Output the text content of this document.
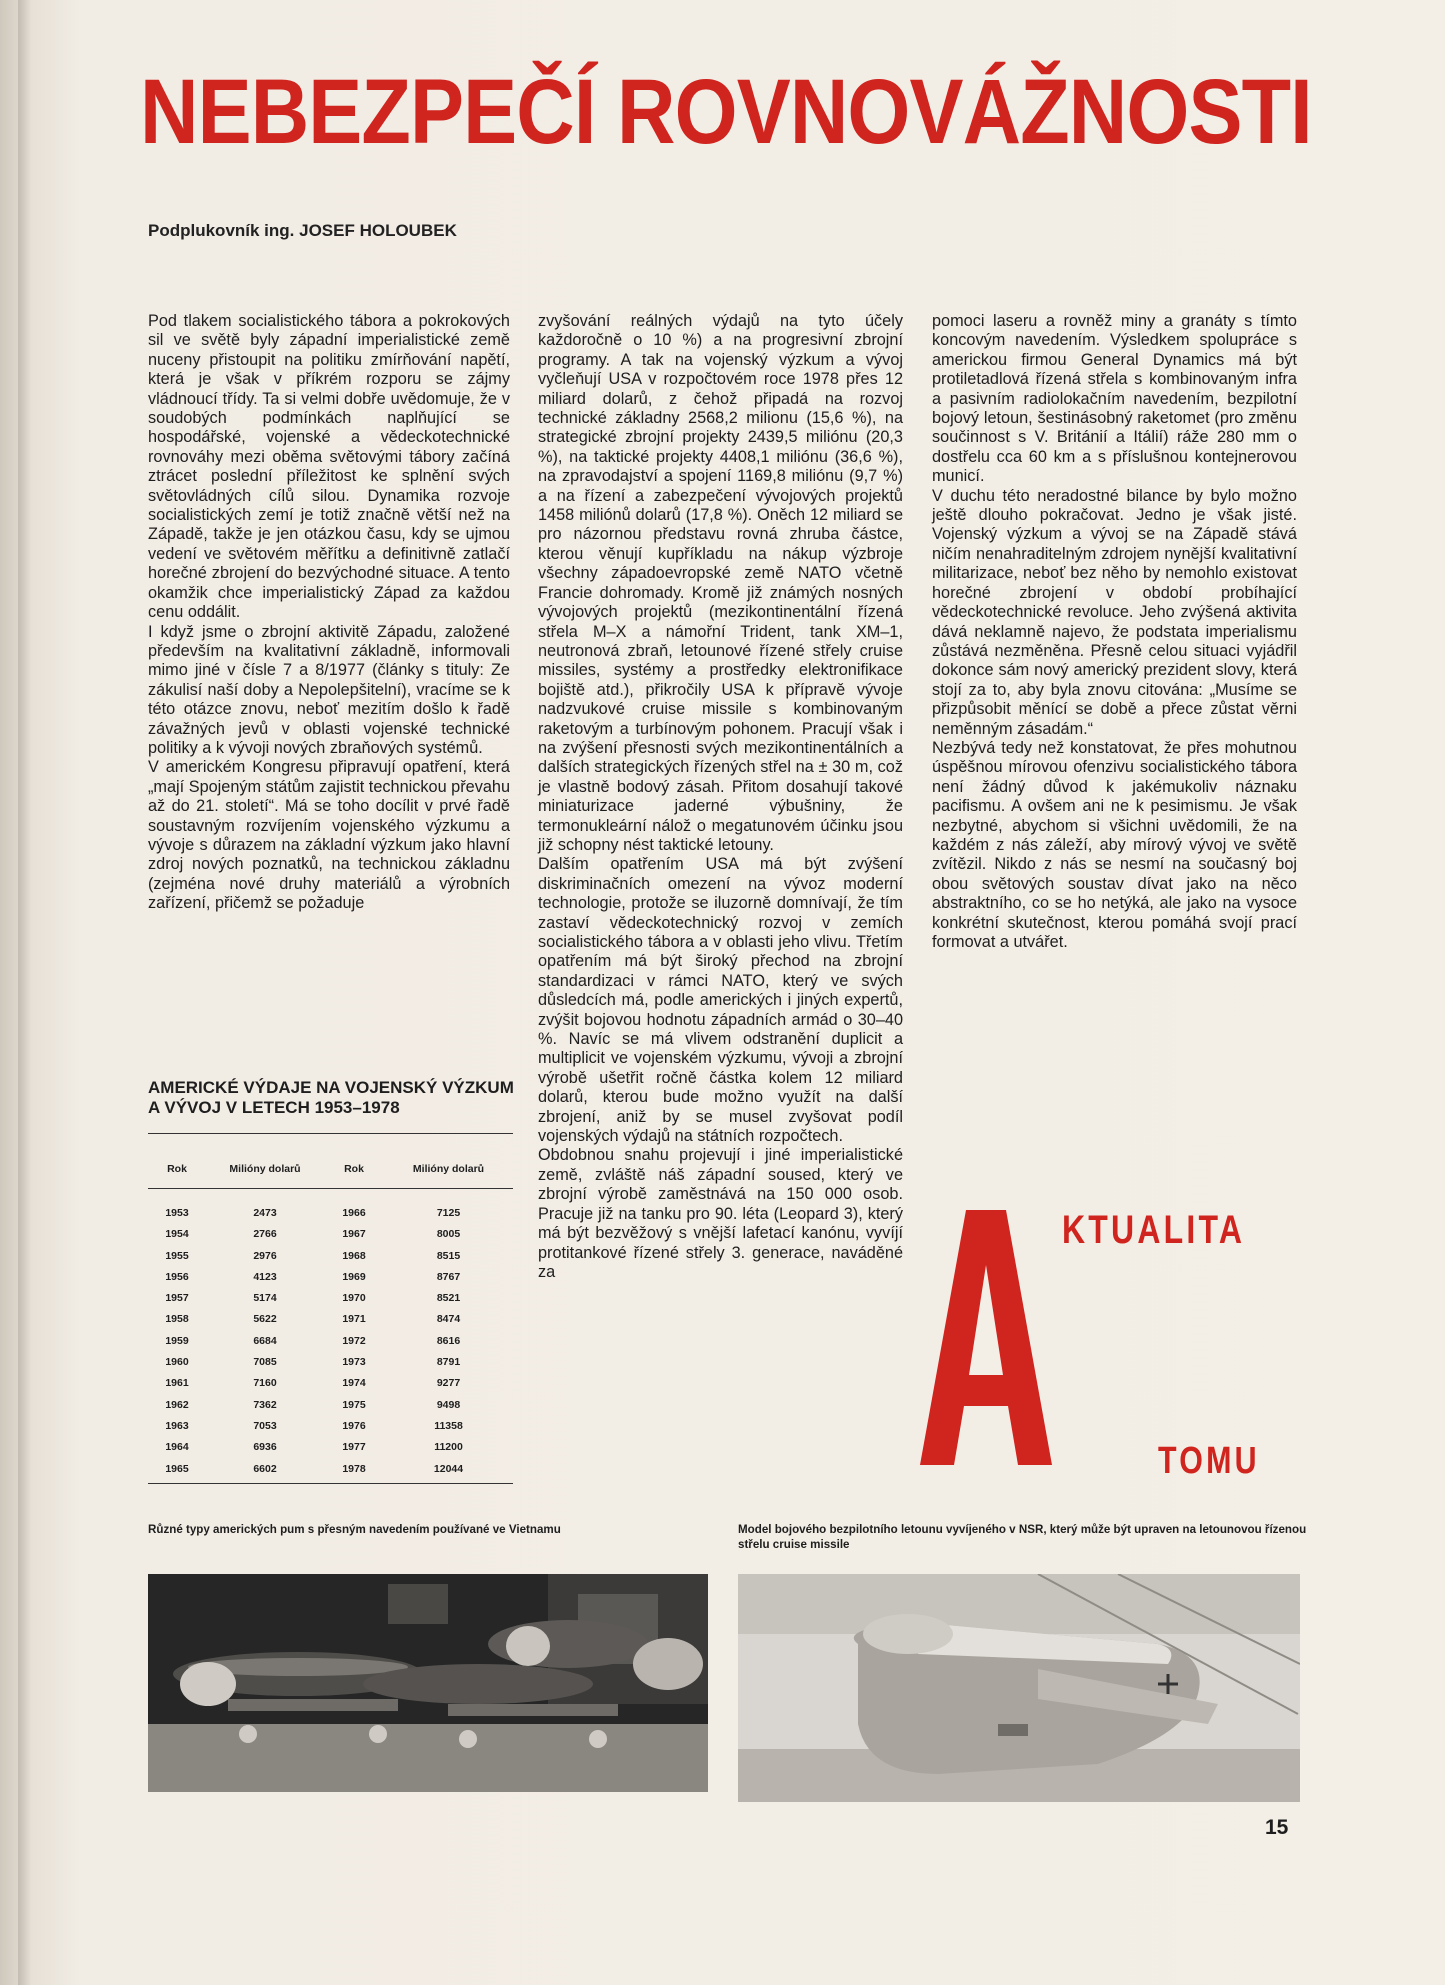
NEBEZPEČÍ ROVNOVÁŽNOSTI
Podplukovník ing. JOSEF HOLOUBEK

Pod tlakem socialistického tábora a pokrokových sil ve světě byly západní imperialistické země nuceny přistoupit na politiku zmírňování napětí, která je však v příkrém rozporu se zájmy vládnoucí třídy. Ta si velmi dobře uvědomuje, že v soudobých podmínkách naplňující se hospodářské, vojenské a vědeckotechnické rovnováhy mezi oběma světovými tábory začíná ztrácet poslední příležitost ke splnění svých světovládných cílů silou. Dynamika rozvoje socialistických zemí je totiž značně větší než na Západě, takže je jen otázkou času, kdy se ujmou vedení ve světovém měřítku a definitivně zatlačí horečné zbrojení do bezvýchodné situace. A tento okamžik chce imperialistický Západ za každou cenu oddálit.

I když jsme o zbrojní aktivitě Západu, založené především na kvalitativní základně, informovali mimo jiné v čísle 7 a 8/1977 (články s tituly: Ze zákulisí naší doby a Nepolepšitelní), vracíme se k této otázce znovu, neboť mezitím došlo k řadě závažných jevů v oblasti vojenské technické politiky a k vývoji nových zbraňových systémů.

V americkém Kongresu připravují opatření, která „mají Spojeným státům zajistit technickou převahu až do 21. století“. Má se toho docílit v prvé řadě soustavným rozvíjením vojenského výzkumu a vývoje s důrazem na základní výzkum jako hlavní zdroj nových poznatků, na technickou základnu (zejména nové druhy materiálů a výrobních zařízení, přičemž se požaduje

zvyšování reálných výdajů na tyto účely každoročně o 10 %) a na progresivní zbrojní programy. A tak na vojenský výzkum a vývoj vyčleňují USA v rozpočtovém roce 1978 přes 12 miliard dolarů, z čehož připadá na rozvoj technické základny 2568,2 milionu (15,6 %), na strategické zbrojní projekty 2439,5 miliónu (20,3 %), na taktické projekty 4408,1 miliónu (36,6 %), na zpravodajství a spojení 1169,8 miliónu (9,7 %) a na řízení a zabezpečení vývojových projektů 1458 miliónů dolarů (17,8 %). Oněch 12 miliard se pro názornou představu rovná zhruba částce, kterou věnují kupříkladu na nákup výzbroje všechny západoevropské země NATO včetně Francie dohromady. Kromě již známých nosných vývojových projektů (mezikontinentální řízená střela M–X a námořní Trident, tank XM–1, neutronová zbraň, letounové řízené střely cruise missiles, systémy a prostředky elektronifikace bojiště atd.), přikročily USA k přípravě vývoje nadzvukové cruise missile s kombinovaným raketovým a turbínovým pohonem. Pracují však i na zvýšení přesnosti svých mezikontinentálních a dalších strategických řízených střel na ± 30 m, což je vlastně bodový zásah. Přitom dosahují takové miniaturizace jaderné výbušniny, že termonukleární nálož o megatunovém účinku jsou již schopny nést taktické letouny.

Dalším opatřením USA má být zvýšení diskriminačních omezení na vývoz moderní technologie, protože se iluzorně domnívají, že tím zastaví vědeckotechnický rozvoj v zemích socialistického tábora a v oblasti jeho vlivu. Třetím opatřením má být široký přechod na zbrojní standardizaci v rámci NATO, který ve svých důsledcích má, podle amerických i jiných expertů, zvýšit bojovou hodnotu západních armád o 30–40 %. Navíc se má vlivem odstranění duplicit a multiplicit ve vojenském výzkumu, vývoji a zbrojní výrobě ušetřit ročně částka kolem 12 miliard dolarů, kterou bude možno využít na další zbrojení, aniž by se musel zvyšovat podíl vojenských výdajů na státních rozpočtech.

Obdobnou snahu projevují i jiné imperialistické země, zvláště náš západní soused, který ve zbrojní výrobě zaměstnává na 150 000 osob. Pracuje již na tanku pro 90. léta (Leopard 3), který má být bezvěžový s vnější lafetací kanónu, vyvíjí protitankové řízené střely 3. generace, naváděné za

pomoci laseru a rovněž miny a granáty s tímto koncovým navedením. Výsledkem spolupráce s americkou firmou General Dynamics má být protiletadlová řízená střela s kombinovaným infra a pasivním radiolokačním navedením, bezpilotní bojový letoun, šestinásobný raketomet (pro změnu součinnost s V. Británií a Itálií) ráže 280 mm o dostřelu cca 60 km a s příslušnou kontejnerovou municí.

V duchu této neradostné bilance by bylo možno ještě dlouho pokračovat. Jedno je však jisté. Vojenský výzkum a vývoj se na Západě stává ničím nenahraditelným zdrojem nynější kvalitativní militarizace, neboť bez něho by nemohlo existovat horečné zbrojení v období probíhající vědeckotechnické revoluce. Jeho zvýšená aktivita dává neklamně najevo, že podstata imperialismu zůstává nezměněna. Přesně celou situaci vyjádřil dokonce sám nový americký prezident slovy, která stojí za to, aby byla znovu citována: „Musíme se přizpůsobit měnící se době a přece zůstat věrni neměnným zásadám.“

Nezbývá tedy než konstatovat, že přes mohutnou úspěšnou mírovou ofenzivu socialistického tábora není žádný důvod k jakémukoliv náznaku pacifismu. A ovšem ani ne k pesimismu. Je však nezbytné, abychom si všichni uvědomili, že na každém z nás záleží, aby mírový vývoj ve světě zvítězil. Nikdo z nás se nesmí na současný boj obou světových soustav dívat jako na něco abstraktního, co se ho netýká, ale jako na vysoce konkrétní skutečnost, kterou pomáhá svojí prací formovat a utvářet.

AMERICKÉ VÝDAJE NA VOJENSKÝ VÝZKUM A VÝVOJ V LETECH 1953–1978
Rok	Milióny dolarů	Rok	Milióny dolarů
1953	2473	1966	7125
1954	2766	1967	8005
1955	2976	1968	8515
1956	4123	1969	8767
1957	5174	1970	8521
1958	5622	1971	8474
1959	6684	1972	8616
1960	7085	1973	8791
1961	7160	1974	9277
1962	7362	1975	9498
1963	7053	1976	11358
1964	6936	1977	11200
1965	6602	1978	12044
A	KTUALITA
TOMU
Různé typy amerických pum s přesným navedením používané ve Vietnamu	Model bojového bezpilotního letounu vyvíjeného v NSR, který může být upraven na letounovou řízenou střelu cruise missile
15
